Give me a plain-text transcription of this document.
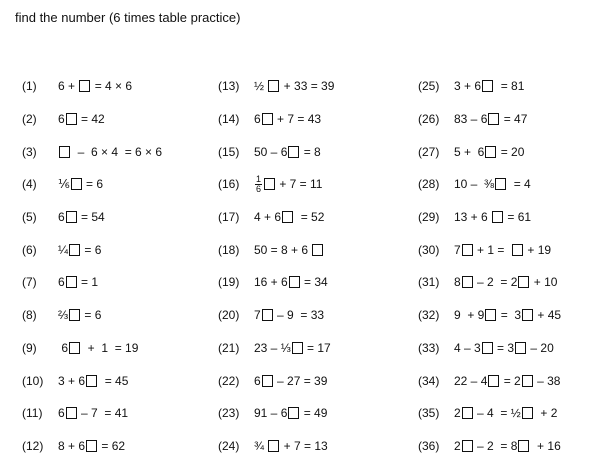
find the number (6 times table practice)
(1)	6 + = 4 × 6
(2)	6 = 42
(3)	–  6 × 4  = 6 × 6
(4)	⅙ = 6
(5)	6 = 54
(6)	¼ = 6
(7)	6 = 1
(8)	⅔ = 6
(9)	6 +  1  = 19
(10)	3 + 6 = 45
(11)	6 – 7  = 41
(12)	8 + 6 = 62
(13)	½ + 33 = 39
(14)	6 + 7 = 43
(15)	50 – 6 = 8
(16)	$\frac{1}{6} + 7 = 11$
(17)	4 + 6 = 52
(18)	50 = 8 + 6
(19)	16 + 6 = 34
(20)	7 – 9  = 33
(21)	23 – ⅓ = 17
(22)	6 – 27 = 39
(23)	91 – 6 = 49
(24)	¾ + 7 = 13
(25)	3 + 6 = 81
(26)	83 – 6 = 47
(27)	5 +  6 = 20
(28)	10 –  ⅜ = 4
(29)	13 + 6 = 61
(30)	7 + 1 = + 19
(31)	8 – 2  = 2 + 10
(32)	9  + 9 =  3 + 45
(33)	4 – 3 = 3 – 20
(34)	22 – 4 = 2 – 38
(35)	2 – 4  = ½ + 2
(36)	2 – 2  = 8 + 16
